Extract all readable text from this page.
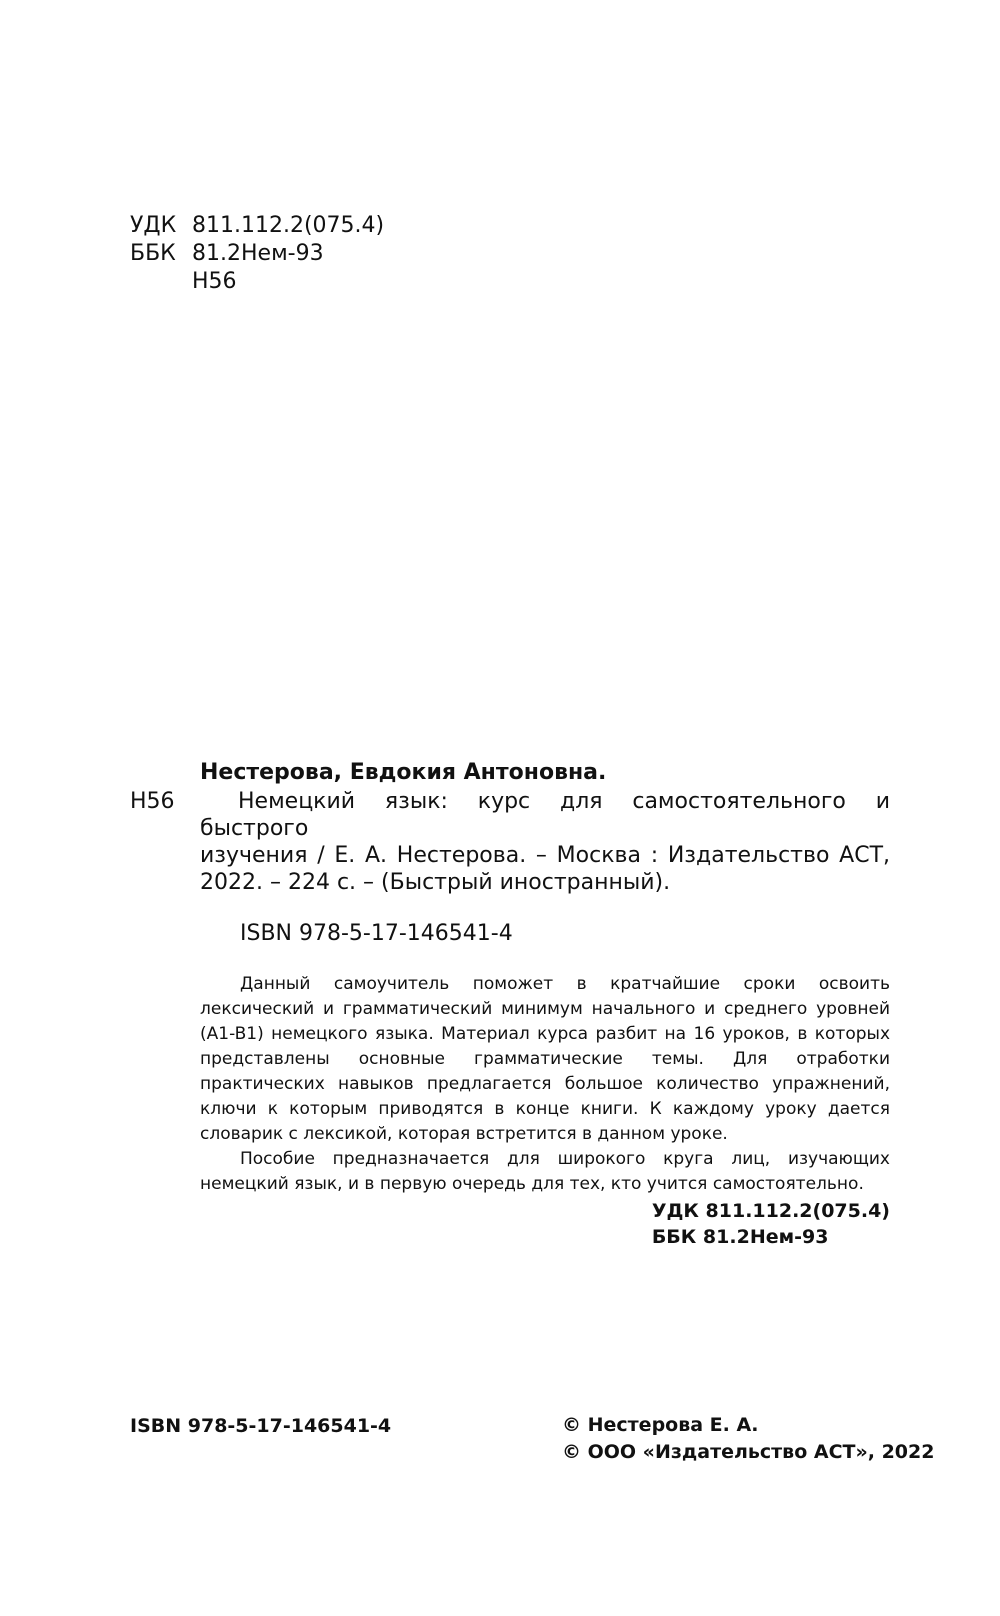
УДК 811.112.2(075.4)
ББК 81.2Нем-93
Н56
Нестерова, Евдокия Антоновна.
Н56	Немецкий язык: курс для самостоятельного и быстрого
изучения / Е. А. Нестерова. – Москва : Издательство АСТ, 2022. – 224 с. – (Быстрый иностранный).
ISBN 978-5-17-146541-4

Данный самоучитель поможет в кратчайшие сроки освоить лексический и грамматический минимум начального и среднего уровней (A1-B1) немецкого языка. Материал курса разбит на 16 уроков, в которых представлены основные грамматические темы. Для отработки практических навыков предлагается большое количество упражнений, ключи к которым приводятся в конце книги. К каждому уроку дается словарик с лексикой, которая встретится в данном уроке.

Пособие предназначается для широкого круга лиц, изучающих немецкий язык, и в первую очередь для тех, кто учится самостоятельно.

УДК 811.112.2(075.4)
ББК 81.2Нем-93
ISBN 978-5-17-146541-4	© Нестерова Е. А.
© ООО «Издательство АСТ», 2022
